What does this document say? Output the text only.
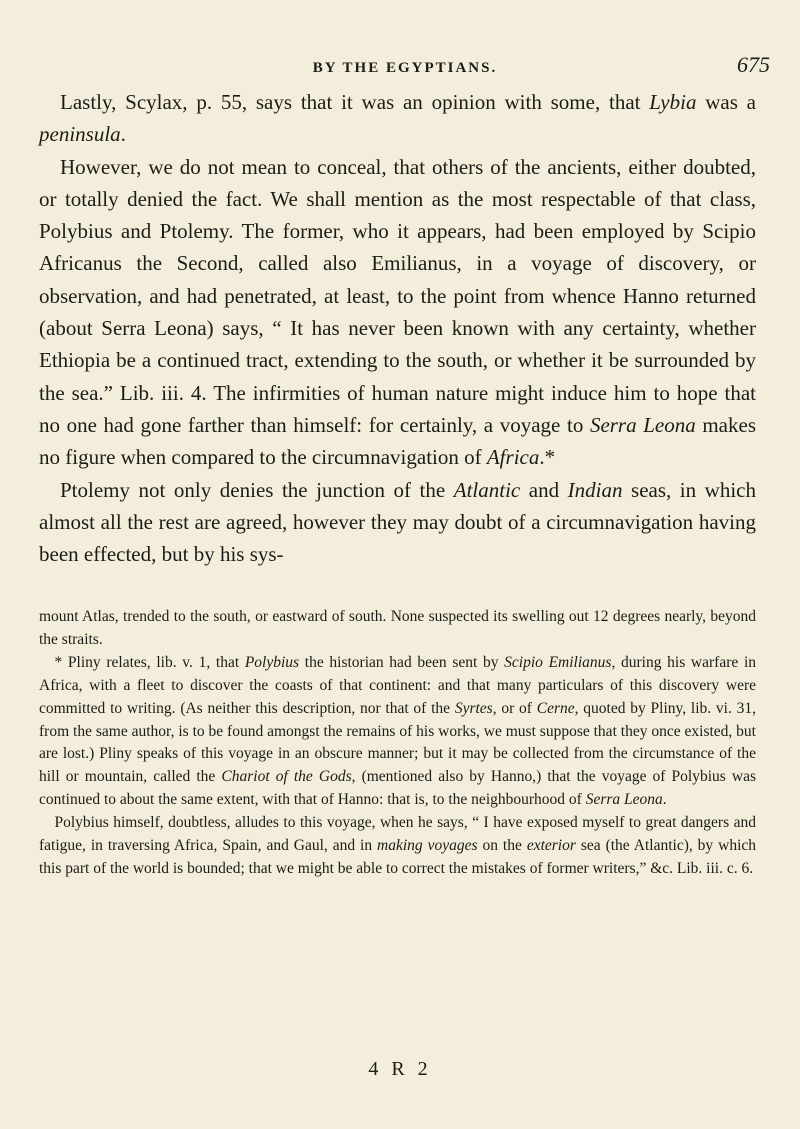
BY THE EGYPTIANS.	675

 Lastly, Scylax, p. 55, says that it was an opinion with some, that Lybia was a peninsula.

 However, we do not mean to conceal, that others of the ancients, either doubted, or totally denied the fact. We shall mention as the most respectable of that class, Polybius and Ptolemy. The former, who it appears, had been employed by Scipio Africanus the Second, called also Emilianus, in a voyage of discovery, or observation, and had penetrated, at least, to the point from whence Hanno returned (about Serra Leona) says, “ It has never been known with any certainty, whether Ethiopia be a continued tract, extending to the south, or whether it be surrounded by the sea.” Lib. iii. 4. The infirmities of human nature might induce him to hope that no one had gone farther than himself: for certainly, a voyage to Serra Leona makes no figure when compared to the circumnavigation of Africa.*

 Ptolemy not only denies the junction of the Atlantic and Indian seas, in which almost all the rest are agreed, however they may doubt of a circumnavigation having been effected, but by his sys-

mount Atlas, trended to the south, or eastward of south. None suspected its swelling out 12 degrees nearly, beyond the straits.

 * Pliny relates, lib. v. 1, that Polybius the historian had been sent by Scipio Emilianus, during his warfare in Africa, with a fleet to discover the coasts of that continent: and that many particulars of this discovery were committed to writing. (As neither this description, nor that of the Syrtes, or of Cerne, quoted by Pliny, lib. vi. 31, from the same author, is to be found amongst the remains of his works, we must suppose that they once existed, but are lost.) Pliny speaks of this voyage in an obscure manner; but it may be collected from the circumstance of the hill or mountain, called the Chariot of the Gods, (mentioned also by Hanno,) that the voyage of Polybius was continued to about the same extent, with that of Hanno: that is, to the neighbourhood of Serra Leona.

 Polybius himself, doubtless, alludes to this voyage, when he says, “ I have exposed myself to great dangers and fatigue, in traversing Africa, Spain, and Gaul, and in making voyages on the exterior sea (the Atlantic), by which this part of the world is bounded; that we might be able to correct the mistakes of former writers,” &c. Lib. iii. c. 6.

4 R 2
